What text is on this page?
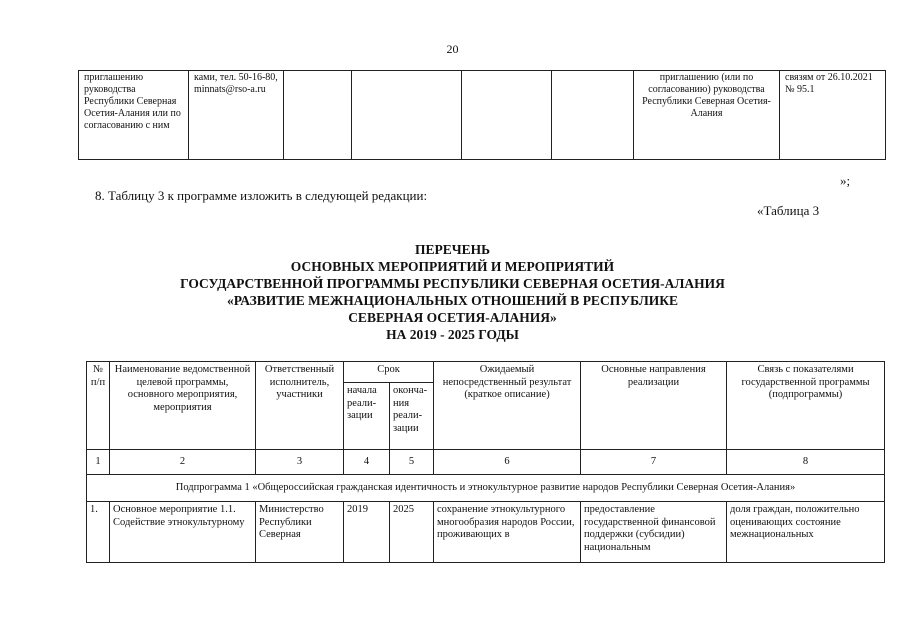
20
приглашению руководства Республики Северная Осетия-Алания или по согласованию с ним	ками, тел. 50-16-80, minnats@rso-a.ru					приглашению (или по согласованию) руководства Республики Северная Осетия-Алания	связям от 26.10.2021 № 95.1
»;
8. Таблицу 3 к программе изложить в следующей редакции:
«Таблица 3
ПЕРЕЧЕНЬ
ОСНОВНЫХ МЕРОПРИЯТИЙ И МЕРОПРИЯТИЙ
ГОСУДАРСТВЕННОЙ ПРОГРАММЫ РЕСПУБЛИКИ СЕВЕРНАЯ ОСЕТИЯ-АЛАНИЯ
«РАЗВИТИЕ МЕЖНАЦИОНАЛЬНЫХ ОТНОШЕНИЙ В РЕСПУБЛИКЕ
СЕВЕРНАЯ ОСЕТИЯ-АЛАНИЯ»
НА 2019 - 2025 ГОДЫ
№ п/п	Наименование ведомственной целевой программы, основного мероприятия, мероприятия	Ответственный исполнитель, участники	Срок		Ожидаемый непосредственный результат (краткое описание)	Основные направления реализации	Связь с показателями государственной программы (подпрограммы)
			начала реали-зации	оконча-ния реали-зации			
1	2	3	4	5	6	7	8
Подпрограмма 1 «Общероссийская гражданская идентичность и этнокультурное развитие народов Республики Северная Осетия-Алания»							
1.	Основное мероприятие 1.1. Содействие этнокультурному	Министерство Республики Северная	2019	2025	сохранение этнокультурного многообразия народов России, проживающих в	предоставление государственной финансовой поддержки (субсидии) национальным	доля граждан, положительно оценивающих состояние межнациональных
